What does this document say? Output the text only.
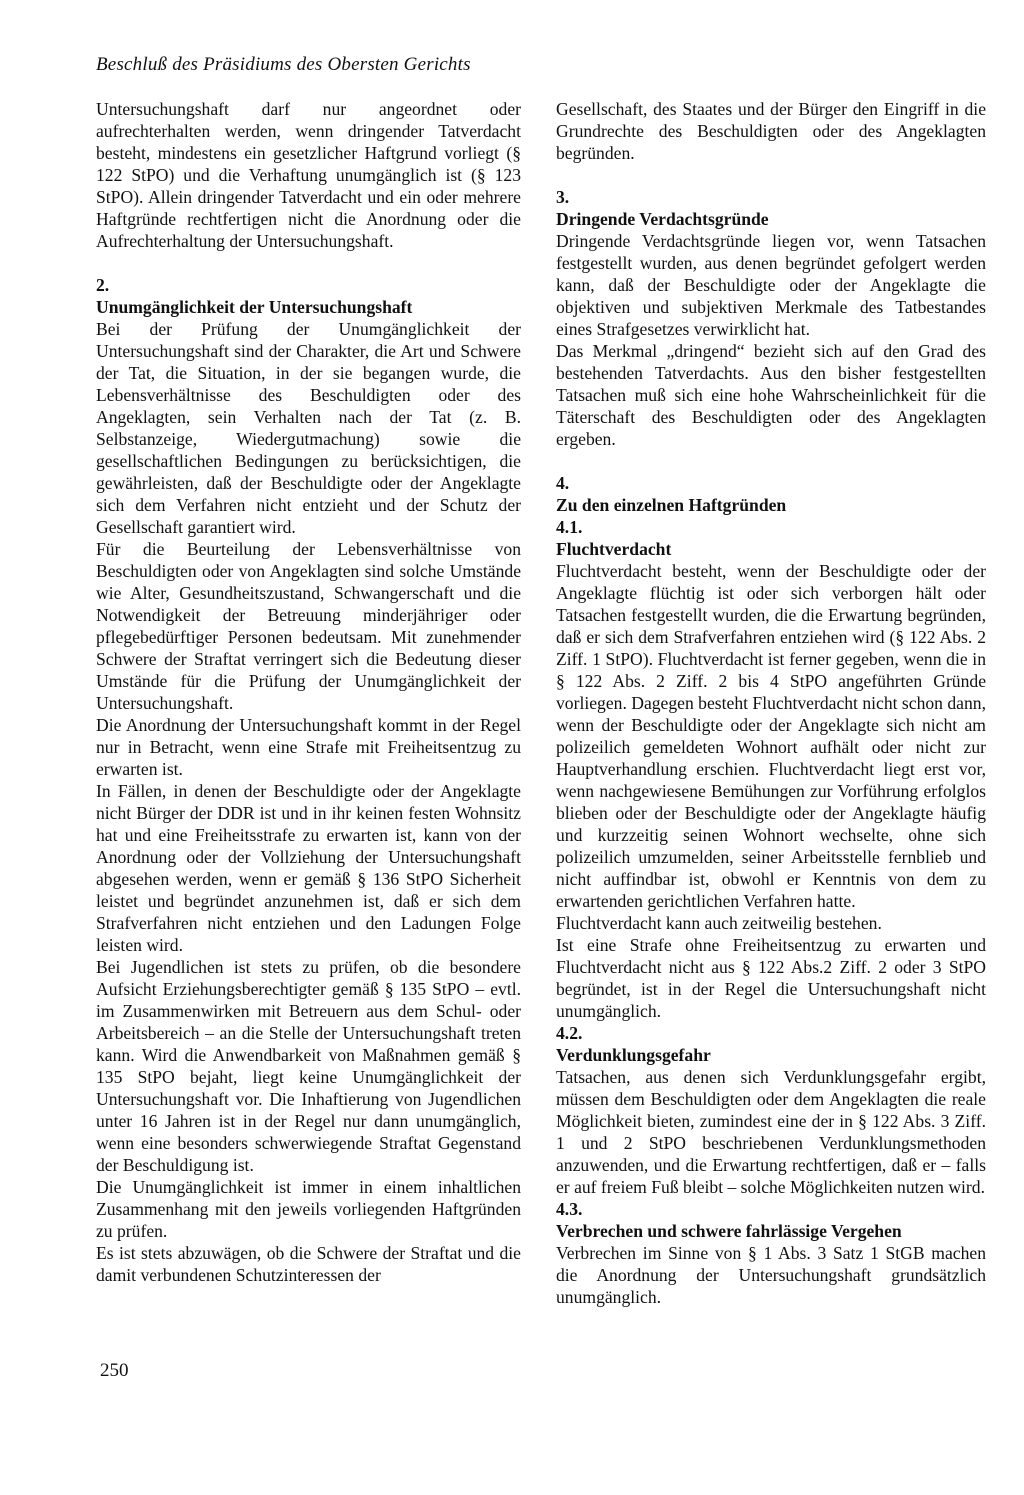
Beschluß des Präsidiums des Obersten Gerichts

Untersuchungshaft darf nur angeordnet oder aufrechterhalten werden, wenn dringender Tatverdacht besteht, mindestens ein gesetzlicher Haftgrund vorliegt (§ 122 StPO) und die Verhaftung unumgänglich ist (§ 123 StPO). Allein dringender Tatverdacht und ein oder mehrere Haftgründe rechtfertigen nicht die Anordnung oder die Aufrechterhaltung der Untersuchungshaft.

2.
Unumgänglichkeit der Untersuchungshaft

Bei der Prüfung der Unumgänglichkeit der Untersuchungshaft sind der Charakter, die Art und Schwere der Tat, die Situation, in der sie begangen wurde, die Lebensverhältnisse des Beschuldigten oder des Angeklagten, sein Verhalten nach der Tat (z. B. Selbstanzeige, Wiedergutmachung) sowie die gesellschaftlichen Bedingungen zu berücksichtigen, die gewährleisten, daß der Beschuldigte oder der Angeklagte sich dem Verfahren nicht entzieht und der Schutz der Gesellschaft garantiert wird.

Für die Beurteilung der Lebensverhältnisse von Beschuldigten oder von Angeklagten sind solche Umstände wie Alter, Gesundheitszustand, Schwangerschaft und die Notwendigkeit der Betreuung minderjähriger oder pflegebedürftiger Personen bedeutsam. Mit zunehmender Schwere der Straftat verringert sich die Bedeutung dieser Umstände für die Prüfung der Unumgänglichkeit der Untersuchungshaft.

Die Anordnung der Untersuchungshaft kommt in der Regel nur in Betracht, wenn eine Strafe mit Freiheitsentzug zu erwarten ist.

In Fällen, in denen der Beschuldigte oder der Angeklagte nicht Bürger der DDR ist und in ihr keinen festen Wohnsitz hat und eine Freiheitsstrafe zu erwarten ist, kann von der Anordnung oder der Vollziehung der Untersuchungshaft abgesehen werden, wenn er gemäß § 136 StPO Sicherheit leistet und begründet anzunehmen ist, daß er sich dem Strafverfahren nicht entziehen und den Ladungen Folge leisten wird.

Bei Jugendlichen ist stets zu prüfen, ob die besondere Aufsicht Erziehungsberechtigter gemäß § 135 StPO – evtl. im Zusammenwirken mit Betreuern aus dem Schul- oder Arbeitsbereich – an die Stelle der Untersuchungshaft treten kann. Wird die Anwendbarkeit von Maßnahmen gemäß § 135 StPO bejaht, liegt keine Unumgänglichkeit der Untersuchungshaft vor. Die Inhaftierung von Jugendlichen unter 16 Jahren ist in der Regel nur dann unumgänglich, wenn eine besonders schwerwiegende Straftat Gegenstand der Beschuldigung ist.

Die Unumgänglichkeit ist immer in einem inhaltlichen Zusammenhang mit den jeweils vorliegenden Haftgründen zu prüfen.

Es ist stets abzuwägen, ob die Schwere der Straftat und die damit verbundenen Schutzinteressen der

Gesellschaft, des Staates und der Bürger den Eingriff in die Grundrechte des Beschuldigten oder des Angeklagten begründen.

3.
Dringende Verdachtsgründe

Dringende Verdachtsgründe liegen vor, wenn Tatsachen festgestellt wurden, aus denen begründet gefolgert werden kann, daß der Beschuldigte oder der Angeklagte die objektiven und subjektiven Merkmale des Tatbestandes eines Strafgesetzes verwirklicht hat.

Das Merkmal „dringend“ bezieht sich auf den Grad des bestehenden Tatverdachts. Aus den bisher festgestellten Tatsachen muß sich eine hohe Wahrscheinlichkeit für die Täterschaft des Beschuldigten oder des Angeklagten ergeben.

4.
Zu den einzelnen Haftgründen
4.1.
Fluchtverdacht

Fluchtverdacht besteht, wenn der Beschuldigte oder der Angeklagte flüchtig ist oder sich verborgen hält oder Tatsachen festgestellt wurden, die die Erwartung begründen, daß er sich dem Strafverfahren entziehen wird (§ 122 Abs. 2 Ziff. 1 StPO). Fluchtverdacht ist ferner gegeben, wenn die in § 122 Abs. 2 Ziff. 2 bis 4 StPO angeführten Gründe vorliegen. Dagegen besteht Fluchtverdacht nicht schon dann, wenn der Beschuldigte oder der Angeklagte sich nicht am polizeilich gemeldeten Wohnort aufhält oder nicht zur Hauptverhandlung erschien. Fluchtverdacht liegt erst vor, wenn nachgewiesene Bemühungen zur Vorführung erfolglos blieben oder der Beschuldigte oder der Angeklagte häufig und kurzzeitig seinen Wohnort wechselte, ohne sich polizeilich umzumelden, seiner Arbeitsstelle fernblieb und nicht auffindbar ist, obwohl er Kenntnis von dem zu erwartenden gerichtlichen Verfahren hatte.

Fluchtverdacht kann auch zeitweilig bestehen.

Ist eine Strafe ohne Freiheitsentzug zu erwarten und Fluchtverdacht nicht aus § 122 Abs.2 Ziff. 2 oder 3 StPO begründet, ist in der Regel die Untersuchungshaft nicht unumgänglich.

4.2.
Verdunklungsgefahr

Tatsachen, aus denen sich Verdunklungsgefahr ergibt, müssen dem Beschuldigten oder dem Angeklagten die reale Möglichkeit bieten, zumindest eine der in § 122 Abs. 3 Ziff. 1 und 2 StPO beschriebenen Verdunklungsmethoden anzuwenden, und die Erwartung rechtfertigen, daß er – falls er auf freiem Fuß bleibt – solche Möglichkeiten nutzen wird.

4.3.
Verbrechen und schwere fahrlässige Vergehen

Verbrechen im Sinne von § 1 Abs. 3 Satz 1 StGB machen die Anordnung der Untersuchungshaft grundsätzlich unumgänglich.

250
